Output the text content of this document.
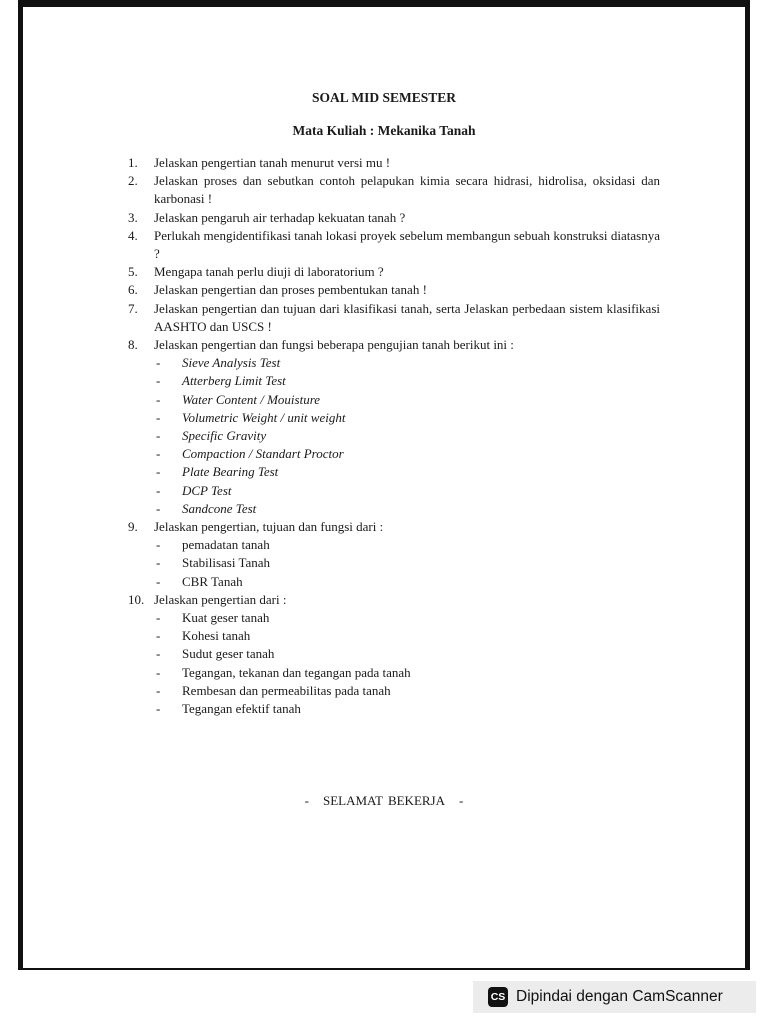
SOAL MID SEMESTER
Mata Kuliah : Mekanika Tanah
1.	Jelaskan pengertian tanah menurut versi mu !
2.	Jelaskan proses dan sebutkan contoh pelapukan kimia secara hidrasi, hidrolisa, oksidasi dan karbonasi !
3.	Jelaskan pengaruh air terhadap kekuatan tanah ?
4.	Perlukah mengidentifikasi tanah lokasi proyek sebelum membangun sebuah konstruksi diatasnya ?
5.	Mengapa tanah perlu diuji di laboratorium ?
6.	Jelaskan pengertian dan proses pembentukan tanah !
7.	Jelaskan pengertian dan tujuan dari klasifikasi tanah, serta Jelaskan perbedaan sistem klasifikasi AASHTO dan USCS !
8.	Jelaskan pengertian dan fungsi beberapa pengujian tanah berikut ini :
-	Sieve Analysis Test
-	Atterberg Limit Test
-	Water Content / Mouisture
-	Volumetric Weight / unit weight
-	Specific Gravity
-	Compaction / Standart Proctor
-	Plate Bearing Test
-	DCP Test
-	Sandcone Test
9.	Jelaskan pengertian, tujuan dan fungsi dari :
-	pemadatan tanah
-	Stabilisasi Tanah
-	CBR Tanah
10. Jelaskan pengertian dari :
-	Kuat geser tanah
-	Kohesi tanah
-	Sudut geser tanah
-	Tegangan, tekanan dan tegangan pada tanah
-	Rembesan dan permeabilitas pada tanah
-	Tegangan efektif tanah
- SELAMAT BEKERJA -
CS Dipindai dengan CamScanner
